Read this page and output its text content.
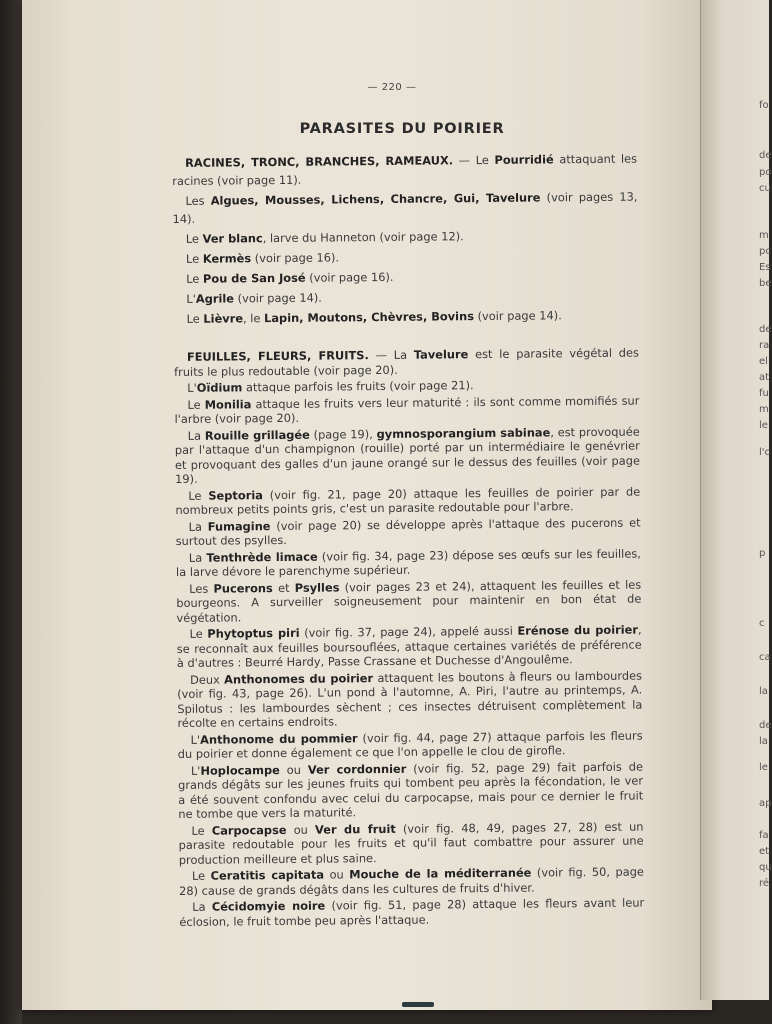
— 220 —
PARASITES DU POIRIER

RACINES, TRONC, BRANCHES, RAMEAUX. — Le Pourridié attaquant les racines (voir page 11).

Les Algues, Mousses, Lichens, Chancre, Gui, Tavelure (voir pages 13, 14).

Le Ver blanc, larve du Hanneton (voir page 12).

Le Kermès (voir page 16).

Le Pou de San José (voir page 16).

L'Agrile (voir page 14).

Le Lièvre, le Lapin, Moutons, Chèvres, Bovins (voir page 14).

FEUILLES, FLEURS, FRUITS. — La Tavelure est le parasite végétal des fruits le plus redoutable (voir page 20).

L'Oïdium attaque parfois les fruits (voir page 21).

Le Monilia attaque les fruits vers leur maturité : ils sont comme momifiés sur l'arbre (voir page 20).

La Rouille grillagée (page 19), gymnosporangium sabinae, est provoquée par l'attaque d'un champignon (rouille) porté par un intermédiaire le genévrier et provoquant des galles d'un jaune orangé sur le dessus des feuilles (voir page 19).

Le Septoria (voir fig. 21, page 20) attaque les feuilles de poirier par de nombreux petits points gris, c'est un parasite redoutable pour l'arbre.

La Fumagine (voir page 20) se développe après l'attaque des pucerons et surtout des psylles.

La Tenthrède limace (voir fig. 34, page 23) dépose ses œufs sur les feuilles, la larve dévore le parenchyme supérieur.

Les Pucerons et Psylles (voir pages 23 et 24), attaquent les feuilles et les bourgeons. A surveiller soigneusement pour maintenir en bon état de végétation.

Le Phytoptus piri (voir fig. 37, page 24), appelé aussi Erénose du poirier, se reconnaît aux feuilles boursouflées, attaque certaines variétés de préférence à d'autres : Beurré Hardy, Passe Crassane et Duchesse d'Angoulême.

Deux Anthonomes du poirier attaquent les boutons à fleurs ou lambourdes (voir fig. 43, page 26). L'un pond à l'automne, A. Piri, l'autre au printemps, A. Spilotus : les lambourdes sèchent ; ces insectes détruisent complètement la récolte en certains endroits.

L'Anthonome du pommier (voir fig. 44, page 27) attaque parfois les fleurs du poirier et donne également ce que l'on appelle le clou de girofle.

L'Hoplocampe ou Ver cordonnier (voir fig. 52, page 29) fait parfois de grands dégâts sur les jeunes fruits qui tombent peu après la fécondation, le ver a été souvent confondu avec celui du carpocapse, mais pour ce dernier le fruit ne tombe que vers la maturité.

Le Carpocapse ou Ver du fruit (voir fig. 48, 49, pages 27, 28) est un parasite redoutable pour les fruits et qu'il faut combattre pour assurer une production meilleure et plus saine.

Le Ceratitis capitata ou Mouche de la méditerranée (voir fig. 50, page 28) cause de grands dégâts dans les cultures de fruits d'hiver.

La Cécidomyie noire (voir fig. 51, page 28) attaque les fleurs avant leur éclosion, le fruit tombe peu après l'attaque.

fo
de
po
cu
m
pc
Es
be
de
ra
el
at
fu
m
le
l'c
p
c
ca
la
de
la
le
ap
fa
et
qu
ré
